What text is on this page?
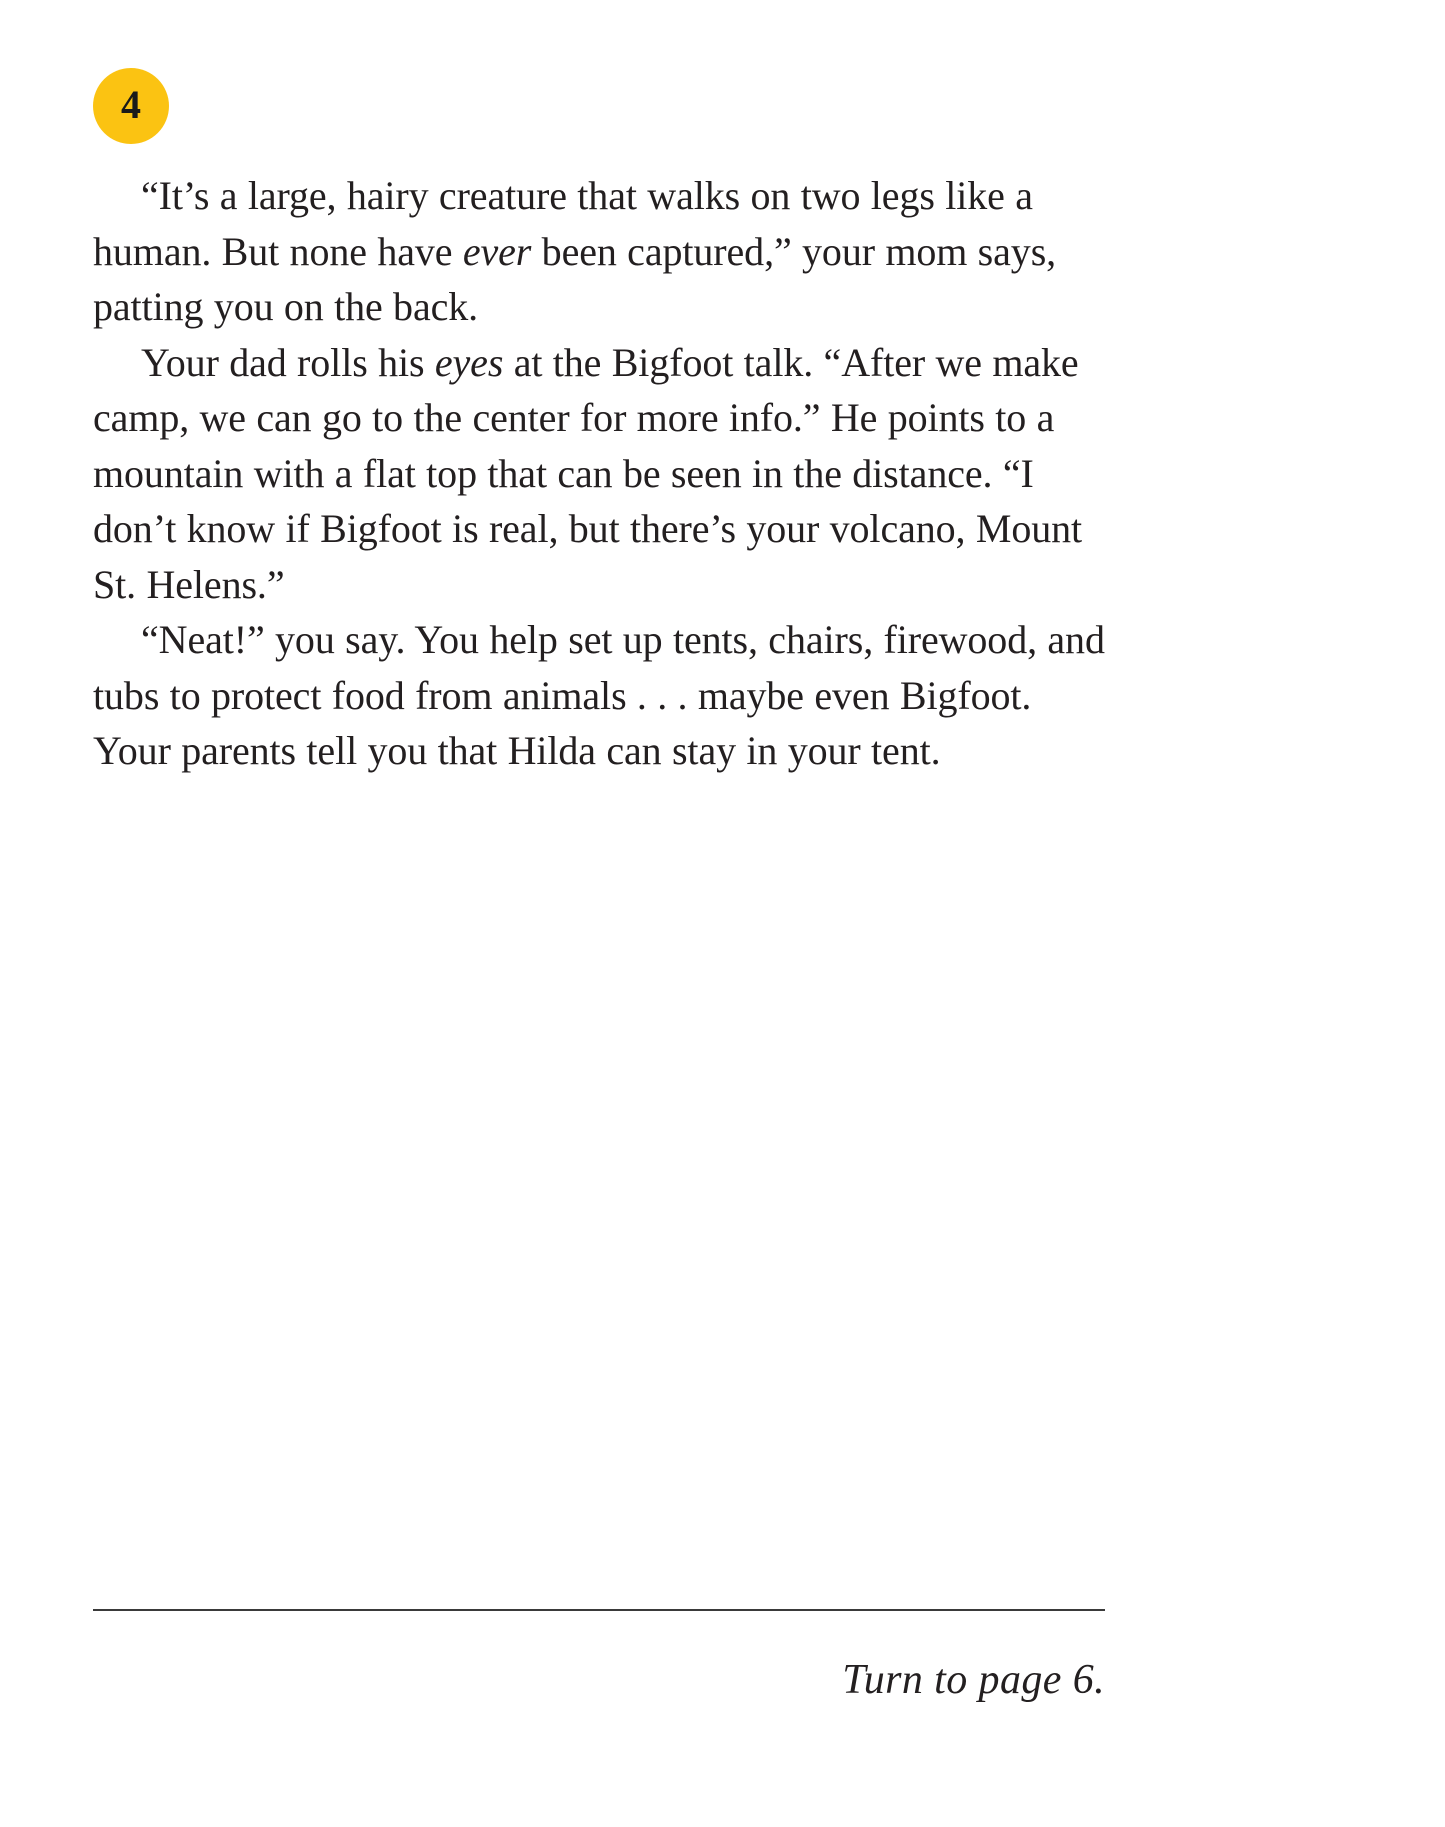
4

“It’s a large, hairy creature that walks on two legs like a human. But none have ever been captured,” your mom says, patting you on the back.

Your dad rolls his eyes at the Bigfoot talk. “After we make camp, we can go to the center for more info.” He points to a mountain with a flat top that can be seen in the distance. “I don’t know if Bigfoot is real, but there’s your volcano, Mount St. Helens.”

“Neat!” you say. You help set up tents, chairs, firewood, and tubs to protect food from animals . . . maybe even Bigfoot. Your parents tell you that Hilda can stay in your tent.

Turn to page 6.
